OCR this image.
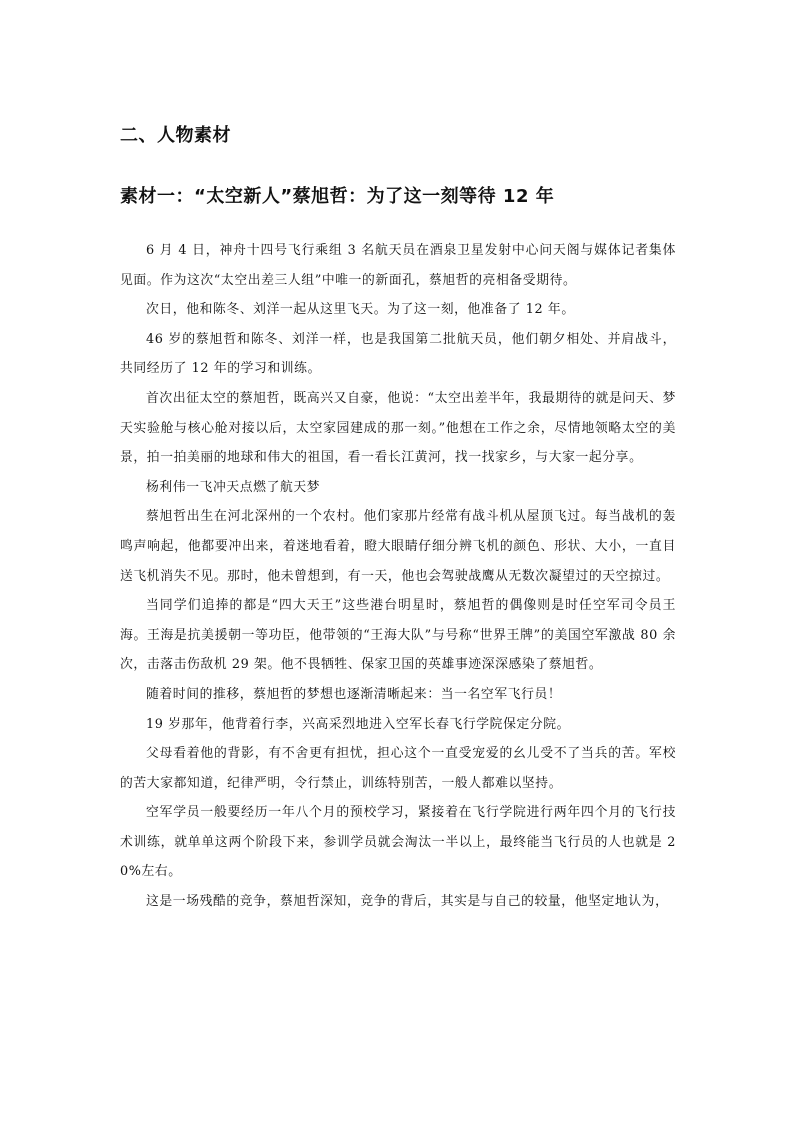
二、人物素材
素材一：“太空新人”蔡旭哲：为了这一刻等待 12 年

6 月 4 日，神舟十四号飞行乘组 3 名航天员在酒泉卫星发射中心问天阁与媒体记者集体见面。作为这次“太空出差三人组”中唯一的新面孔，蔡旭哲的亮相备受期待。

次日，他和陈冬、刘洋一起从这里飞天。为了这一刻，他准备了 12 年。

46 岁的蔡旭哲和陈冬、刘洋一样，也是我国第二批航天员，他们朝夕相处、并肩战斗，共同经历了 12 年的学习和训练。

首次出征太空的蔡旭哲，既高兴又自豪，他说：“太空出差半年，我最期待的就是问天、梦天实验舱与核心舱对接以后，太空家园建成的那一刻。”他想在工作之余，尽情地领略太空的美景，拍一拍美丽的地球和伟大的祖国，看一看长江黄河，找一找家乡，与大家一起分享。

杨利伟一飞冲天点燃了航天梦

蔡旭哲出生在河北深州的一个农村。他们家那片经常有战斗机从屋顶飞过。每当战机的轰鸣声响起，他都要冲出来，着迷地看着，瞪大眼睛仔细分辨飞机的颜色、形状、大小，一直目送飞机消失不见。那时，他未曾想到，有一天，他也会驾驶战鹰从无数次凝望过的天空掠过。

当同学们追捧的都是“四大天王”这些港台明星时，蔡旭哲的偶像则是时任空军司令员王海。王海是抗美援朝一等功臣，他带领的“王海大队”与号称“世界王牌”的美国空军激战 80 余次，击落击伤敌机 29 架。他不畏牺牲、保家卫国的英雄事迹深深感染了蔡旭哲。

随着时间的推移，蔡旭哲的梦想也逐渐清晰起来：当一名空军飞行员！

19 岁那年，他背着行李，兴高采烈地进入空军长春飞行学院保定分院。

父母看着他的背影，有不舍更有担忧，担心这个一直受宠爱的幺儿受不了当兵的苦。军校的苦大家都知道，纪律严明，令行禁止，训练特别苦，一般人都难以坚持。

空军学员一般要经历一年八个月的预校学习，紧接着在飞行学院进行两年四个月的飞行技术训练，就单单这两个阶段下来，参训学员就会淘汰一半以上，最终能当飞行员的人也就是 20%左右。

这是一场残酷的竞争，蔡旭哲深知，竞争的背后，其实是与自己的较量，他坚定地认为，
